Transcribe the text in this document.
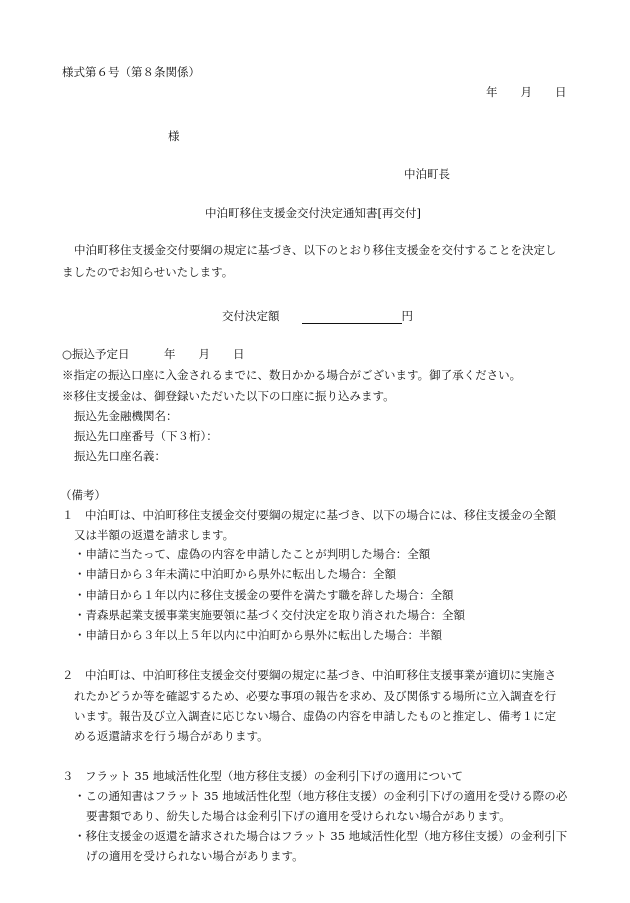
様式第６号（第８条関係）
年　　月　　日
様
中泊町長
中泊町移住支援金交付決定通知書[再交付]
中泊町移住支援金交付要綱の規定に基づき、以下のとおり移住支援金を交付することを決定し
ましたのでお知らせいたします。
交付決定額	円
○振込予定日　　　年　　月　　日
※指定の振込口座に入金されるまでに、数日かかる場合がございます。御了承ください。
※移住支援金は、御登録いただいた以下の口座に振り込みます。
振込先金融機関名：
振込先口座番号（下３桁）：
振込先口座名義：
（備考）
１　中泊町は、中泊町移住支援金交付要綱の規定に基づき、以下の場合には、移住支援金の全額
又は半額の返還を請求します。
・申請に当たって、虚偽の内容を申請したことが判明した場合：全額
・申請日から３年未満に中泊町から県外に転出した場合：全額
・申請日から１年以内に移住支援金の要件を満たす職を辞した場合：全額
・青森県起業支援事業実施要領に基づく交付決定を取り消された場合：全額
・申請日から３年以上５年以内に中泊町から県外に転出した場合：半額
２　中泊町は、中泊町移住支援金交付要綱の規定に基づき、中泊町移住支援事業が適切に実施さ
れたかどうか等を確認するため、必要な事項の報告を求め、及び関係する場所に立入調査を行
います。報告及び立入調査に応じない場合、虚偽の内容を申請したものと推定し、備考１に定
める返還請求を行う場合があります。
３　フラット 35 地域活性化型（地方移住支援）の金利引下げの適用について
・この通知書はフラット 35 地域活性化型（地方移住支援）の金利引下げの適用を受ける際の必
要書類であり、紛失した場合は金利引下げの適用を受けられない場合があります。
・移住支援金の返還を請求された場合はフラット 35 地域活性化型（地方移住支援）の金利引下
げの適用を受けられない場合があります。
